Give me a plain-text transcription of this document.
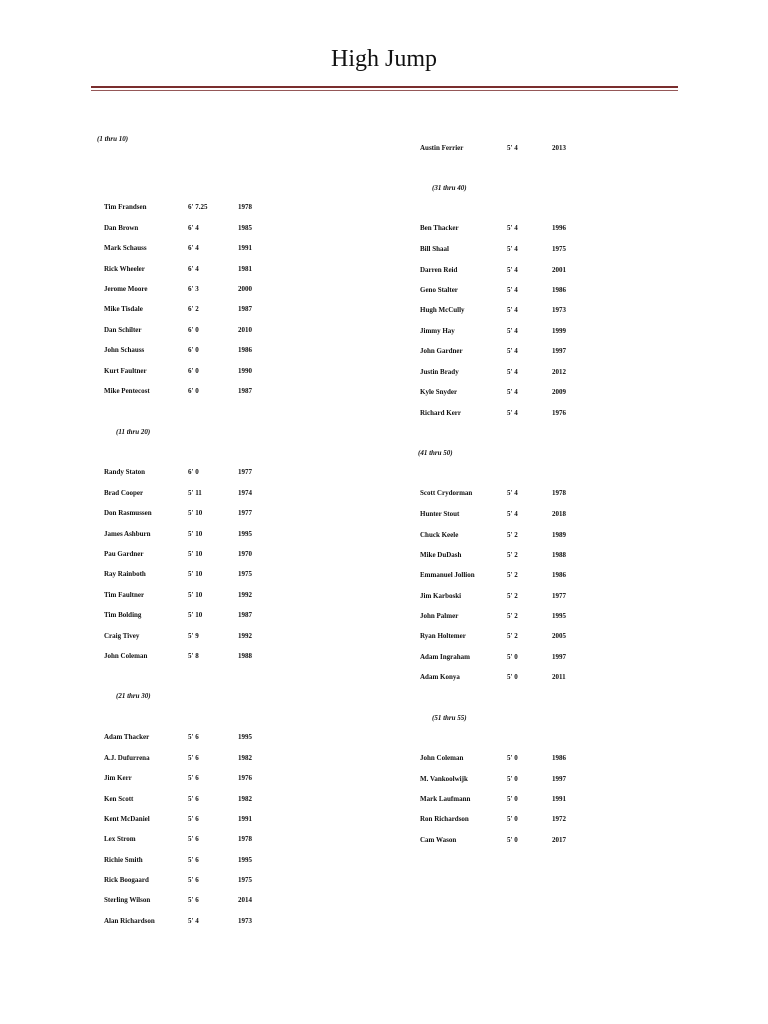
High Jump
(1 thru 10)
Tim Frandsen	6' 7.25	1978
Dan Brown	6' 4	1985
Mark Schauss	6' 4	1991
Rick Wheeler	6' 4	1981
Jerome Moore	6' 3	2000
Mike Tisdale	6' 2	1987
Dan Schilter	6' 0	2010
John Schauss	6' 0	1986
Kurt Faultner	6' 0	1990
Mike Pentecost	6' 0	1987
(11 thru 20)
Randy Staton	6' 0	1977
Brad Cooper	5' 11	1974
Don Rasmussen	5' 10	1977
James Ashburn	5' 10	1995
Pau Gardner	5' 10	1970
Ray Rainboth	5' 10	1975
Tim Faultner	5' 10	1992
Tim Bolding	5' 10	1987
Craig Tivey	5' 9	1992
John Coleman	5' 8	1988
(21 thru 30)
Adam Thacker	5' 6	1995
A.J. Dufurrena	5' 6	1982
Jim Kerr	5' 6	1976
Ken Scott	5' 6	1982
Kent McDaniel	5' 6	1991
Lex Strom	5' 6	1978
Richie Smith	5' 6	1995
Rick Boogaard	5' 6	1975
Sterling Wilson	5' 6	2014
Alan Richardson	5' 4	1973
Austin Ferrier	5' 4	2013
(31 thru 40)
Ben Thacker	5' 4	1996
Bill Shaal	5' 4	1975
Darren Reid	5' 4	2001
Geno Stalter	5' 4	1986
Hugh McCully	5' 4	1973
Jimmy Hay	5' 4	1999
John Gardner	5' 4	1997
Justin Brady	5' 4	2012
Kyle Snyder	5' 4	2009
Richard Kerr	5' 4	1976
(41 thru 50)
Scott Crydorman	5' 4	1978
Hunter Stout	5' 4	2018
Chuck Keele	5' 2	1989
Mike DuDash	5' 2	1988
Emmanuel Jollion	5' 2	1986
Jim Karboski	5' 2	1977
John Palmer	5' 2	1995
Ryan Holtemer	5' 2	2005
Adam Ingraham	5' 0	1997
Adam Konya	5' 0	2011
(51 thru 55)
John Coleman	5' 0	1986
M. Vankoolwijk	5' 0	1997
Mark Laufmann	5' 0	1991
Ron Richardson	5' 0	1972
Cam Wason	5' 0	2017
